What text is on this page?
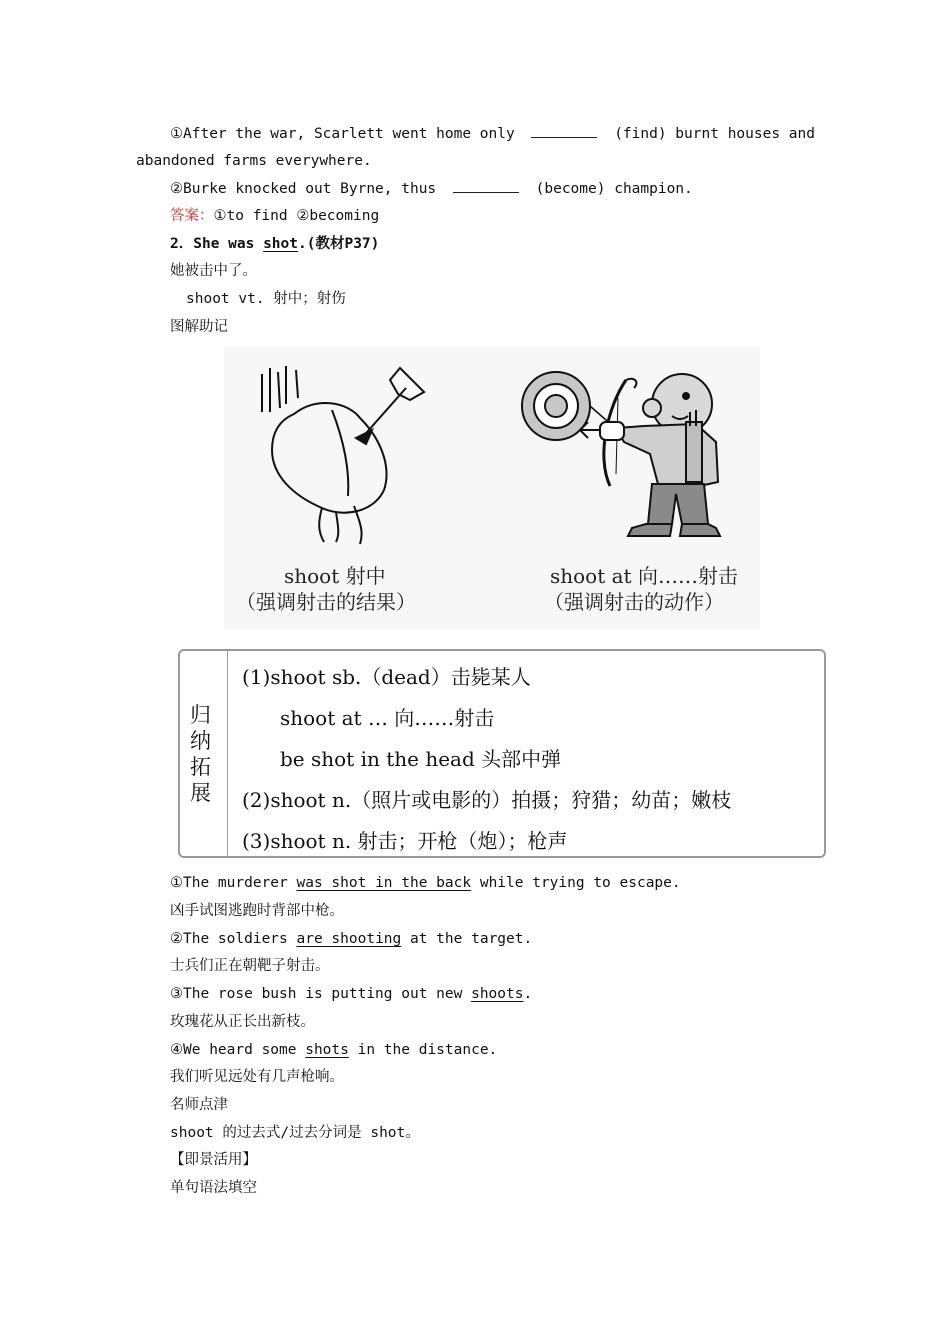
①After the war, Scarlett went home only	(find) burnt houses and
abandoned farms everywhere.
②Burke knocked out Byrne, thus	(become) champion.
答案：①to find ②becoming
2．She was shot.(教材P37)
她被击中了。
shoot vt. 射中；射伤
图解助记
shoot 射中
（强调射击的结果）
shoot at 向……射击
（强调射击的动作）
归
纳
拓
展
(1)shoot sb.（dead）击毙某人
shoot at … 向……射击
be shot in the head 头部中弹
(2)shoot n.（照片或电影的）拍摄；狩猎；幼苗；嫩枝
(3)shoot n. 射击；开枪（炮）；枪声
①The murderer was shot in the back while trying to escape.
凶手试图逃跑时背部中枪。
②The soldiers are shooting at the target.
士兵们正在朝靶子射击。
③The rose bush is putting out new shoots.
玫瑰花从正长出新枝。
④We heard some shots in the distance.
我们听见远处有几声枪响。
名师点津
shoot 的过去式/过去分词是 shot。
【即景活用】
单句语法填空
